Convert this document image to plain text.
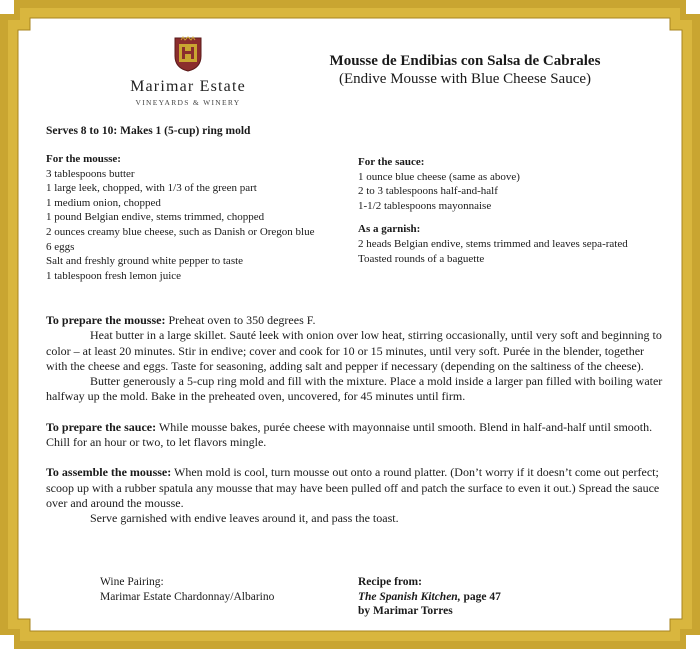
Marimar Estate
VINEYARDS & WINERY
Mousse de Endibias con Salsa de Cabrales
(Endive Mousse with Blue Cheese Sauce)
Serves 8 to 10: Makes 1 (5-cup) ring mold
For the mousse:
3 tablespoons butter
1 large leek, chopped, with 1/3 of the green part
1 medium onion, chopped
1 pound Belgian endive, stems trimmed, chopped
2 ounces creamy blue cheese, such as Danish or Oregon blue
6 eggs
Salt and freshly ground white pepper to taste
1 tablespoon fresh lemon juice
For the sauce:
1 ounce blue cheese (same as above)
2 to 3 tablespoons half-and-half
1-1/2 tablespoons mayonnaise
As a garnish:
2 heads Belgian endive, stems trimmed and leaves sepa-rated
Toasted rounds of a baguette

To prepare the mousse: Preheat oven to 350 degrees F.

Heat butter in a large skillet. Sauté leek with onion over low heat, stirring occasionally, until very soft and beginning to color – at least 20 minutes. Stir in endive; cover and cook for 10 or 15 minutes, until very soft. Purée in the blender, together with the cheese and eggs. Taste for seasoning, adding salt and pepper if necessary (depending on the saltiness of the cheese).

Butter generously a 5-cup ring mold and fill with the mixture. Place a mold inside a larger pan filled with boiling water halfway up the mold. Bake in the preheated oven, uncovered, for 45 minutes until firm.

To prepare the sauce: While mousse bakes, purée cheese with mayonnaise until smooth. Blend in half-and-half until smooth. Chill for an hour or two, to let flavors mingle.

To assemble the mousse: When mold is cool, turn mousse out onto a round platter. (Don’t worry if it doesn’t come out perfect; scoop up with a rubber spatula any mousse that may have been pulled off and patch the surface to even it out.) Spread the sauce over and around the mousse.

Serve garnished with endive leaves around it, and pass the toast.

Wine Pairing:
Marimar Estate Chardonnay/Albarino
Recipe from:
The Spanish Kitchen, page 47
by Marimar Torres
